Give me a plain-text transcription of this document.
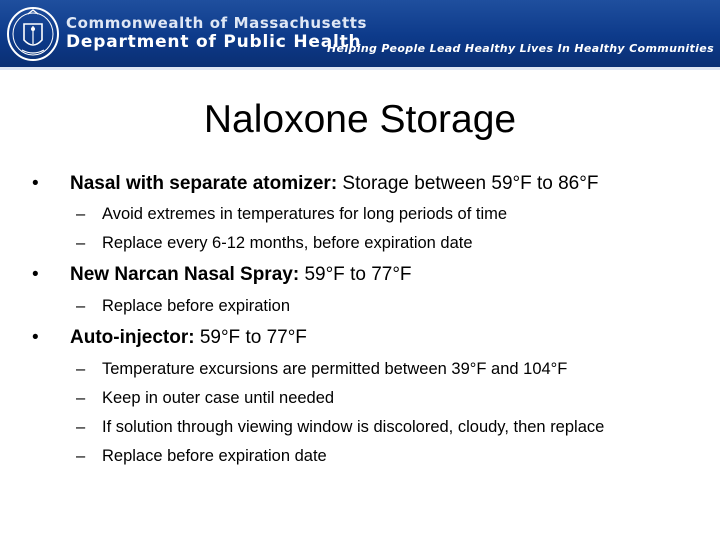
Commonwealth of Massachusetts
Department of Public Health
Helping People Lead Healthy Lives In Healthy Communities
Naloxone Storage
•	Nasal with separate atomizer: Storage between 59°F to 86°F
– Avoid extremes in temperatures for long periods of time
– Replace every 6-12 months, before expiration date
•	New Narcan Nasal Spray: 59°F to 77°F
– Replace before expiration
•	Auto-injector: 59°F to 77°F
– Temperature excursions are permitted between 39°F and 104°F
– Keep in outer case until needed
– If solution through viewing window is discolored, cloudy, then replace
– Replace before expiration date
